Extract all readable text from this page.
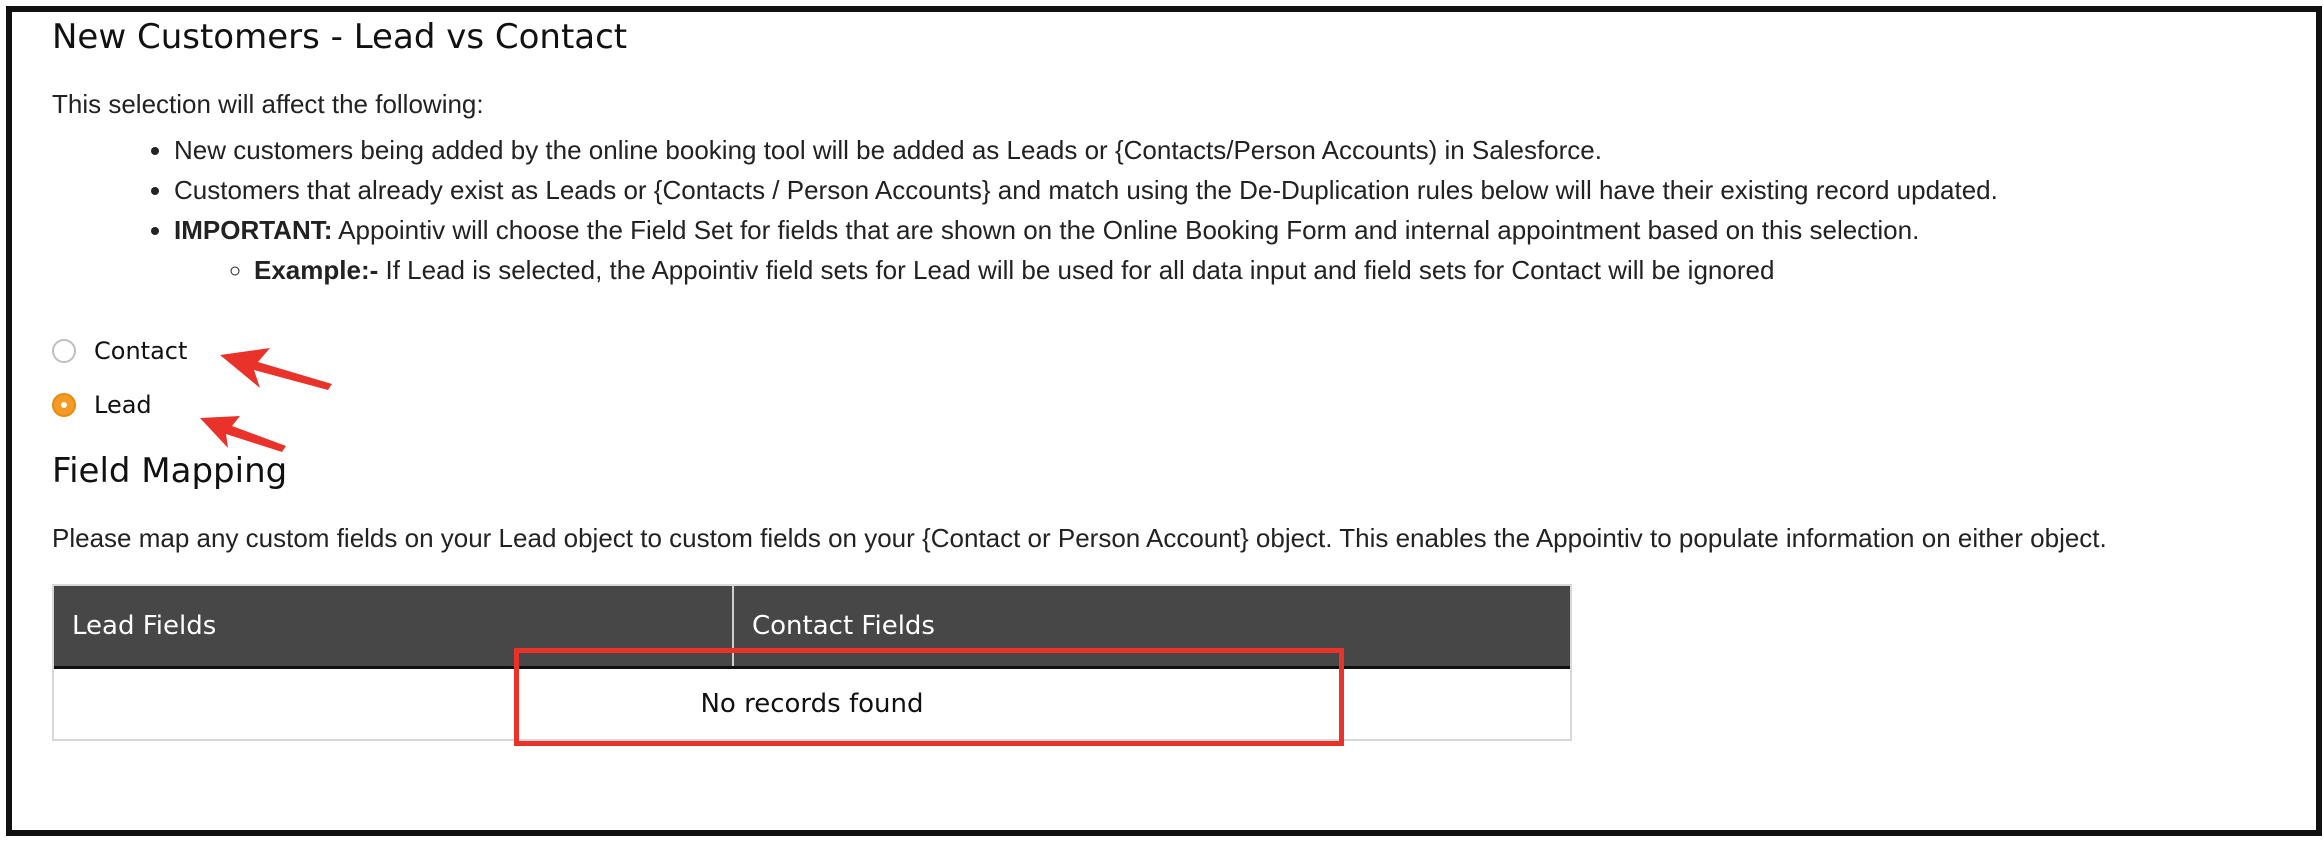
New Customers - Lead vs Contact

This selection will affect the following:

• New customers being added by the online booking tool will be added as Leads or {Contacts/Person Accounts) in Salesforce.
• Customers that already exist as Leads or {Contacts / Person Accounts} and match using the De-Duplication rules below will have their existing record updated.
• IMPORTANT: Appointiv will choose the Field Set for fields that are shown on the Online Booking Form and internal appointment based on this selection.
◦ Example:- If Lead is selected, the Appointiv field sets for Lead will be used for all data input and field sets for Contact will be ignored
Contact
Lead
Field Mapping

Please map any custom fields on your Lead object to custom fields on your {Contact or Person Account} object. This enables the Appointiv to populate information on either object.

Lead Fields	Contact Fields
No records found
